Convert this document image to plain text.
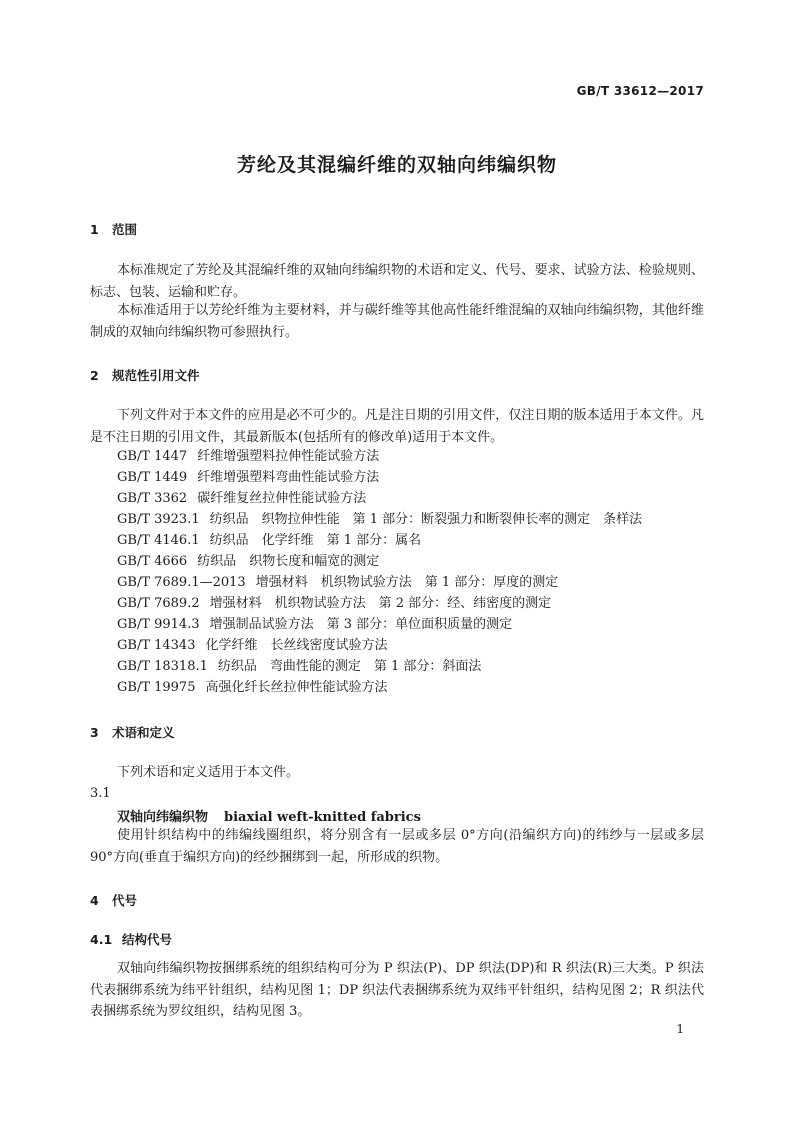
GB/T 33612—2017
芳纶及其混编纤维的双轴向纬编织物
1 范围
本标准规定了芳纶及其混编纤维的双轴向纬编织物的术语和定义、代号、要求、试验方法、检验规则、标志、包装、运输和贮存。
本标准适用于以芳纶纤维为主要材料，并与碳纤维等其他高性能纤维混编的双轴向纬编织物，其他纤维制成的双轴向纬编织物可参照执行。
2 规范性引用文件
下列文件对于本文件的应用是必不可少的。凡是注日期的引用文件，仅注日期的版本适用于本文件。凡是不注日期的引用文件，其最新版本(包括所有的修改单)适用于本文件。
GB/T 1447 纤维增强塑料拉伸性能试验方法
GB/T 1449 纤维增强塑料弯曲性能试验方法
GB/T 3362 碳纤维复丝拉伸性能试验方法
GB/T 3923.1 纺织品　织物拉伸性能　第 1 部分：断裂强力和断裂伸长率的测定　条样法
GB/T 4146.1 纺织品　化学纤维　第 1 部分：属名
GB/T 4666 纺织品　织物长度和幅宽的测定
GB/T 7689.1—2013 增强材料　机织物试验方法　第 1 部分：厚度的测定
GB/T 7689.2 增强材料　机织物试验方法　第 2 部分：经、纬密度的测定
GB/T 9914.3 增强制品试验方法　第 3 部分：单位面积质量的测定
GB/T 14343 化学纤维　长丝线密度试验方法
GB/T 18318.1 纺织品　弯曲性能的测定　第 1 部分：斜面法
GB/T 19975 高强化纤长丝拉伸性能试验方法
3 术语和定义
下列术语和定义适用于本文件。
3.1
双轴向纬编织物 biaxial weft-knitted fabrics
使用针织结构中的纬编线圈组织，将分别含有一层或多层 0°方向(沿编织方向)的纬纱与一层或多层 90°方向(垂直于编织方向)的经纱捆绑到一起，所形成的织物。
4 代号
4.1 结构代号
双轴向纬编织物按捆绑系统的组织结构可分为 P 织法(P)、DP 织法(DP)和 R 织法(R)三大类。P 织法代表捆绑系统为纬平针组织，结构见图 1；DP 织法代表捆绑系统为双纬平针组织，结构见图 2；R 织法代表捆绑系统为罗纹组织，结构见图 3。
1
